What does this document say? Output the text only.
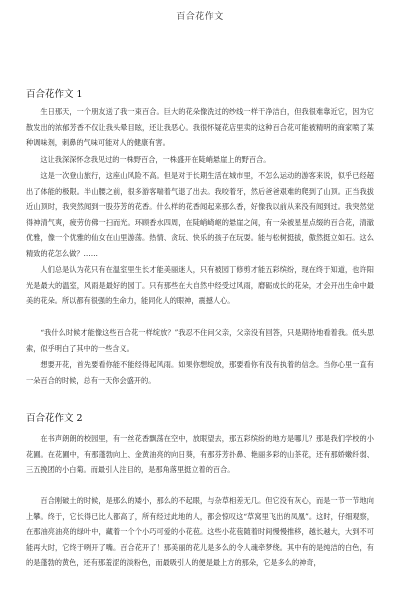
百合花作文
百合花作文 1

生日那天，一个朋友送了我一束百合。巨大的花朵像洗过的纱线一样干净洁白，但我很难靠近它，因为它散发出的浓郁芳香不仅让我头晕目眩，还让我恶心。我很怀疑花店里卖的这种百合花可能被精明的商家喷了某种调味剂，刺鼻的气味可能对人的健康有害。

这让我深深怀念我见过的一株野百合，一株盛开在陡峭悬崖上的野百合。

这是一次登山旅行，这座山风险不高。但是对于长期生活在城市里，不怎么运动的游客来说，似乎已经超出了体能的极限。半山腰之前，很多游客喘着气退了出去。我咬着牙，然后爸爸艰难的爬到了山顶。正当我拔近山顶时，我突然闻到一股芬芳的花香。什么样的花香闻起来那么香，好像我以前从来没有闻到过。我突然觉得神清气爽，疲劳仿佛一扫而光。环顾香水四周，在陡峭崎岖的悬崖之间，有一朵被星星点缀的百合花，清澈优雅，像一个优雅的仙女在山里游荡。热情、贪玩、快乐的孩子在玩耍。能与松树挺拔，傲然挺立如石。这么精致的花怎么做？……

人们总是认为花只有在温室里生长才能美丽迷人，只有被园丁修剪才能五彩缤纷，现在终于知道，也许阳光是最大的温室，风雨是最好的园丁。只有那些在大自然中经受过风雨，磨砺成长的花朵，才会开出生命中最美的花朵。所以都有很强的生命力，能同化人的眼神，震撼人心。

“我什么时候才能像这些百合花一样绽放？”我忍不住问父亲，父亲没有回答，只是期待地看着我。低头思索，似乎明白了其中的一些含义。

想要开花，首先要看你能不能经得起风雨。如果你想绽放，那要看你有没有执着的信念。当你心里一直有一朵百合的时候，总有一天你会盛开的。

百合花作文 2

在书声朗朗的校园里，有一丝花香飘荡在空中，放眼望去，那五彩缤纷的地方是哪儿？那是我们学校的小花圃。在花圃中，有那蓬勃向上、金黄油亮的向日葵，有那芬芳扑鼻、艳丽多彩的山茶花，还有那娇嫩纤弱、三五挽团的小白菊。而最引人注目的，是那角落里挺立着的百合。

百合刚破土的时候，是那么的矮小，那么的不起眼，与杂草相差无几。但它没有灰心，而是一节一节地向上攀。终于，它长得已比人都高了，所有经过此地的人，都会惊叹这“草窝里飞出的凤凰”。这时，仔细观察，在那油亮油亮的绿叶中，藏着一个个小巧可爱的小花苞。这些小花苞随着时间慢慢推移，越长越大，大到不可能再大时，它终于咧开了嘴。百合花开了！那美丽的花儿是多么的令人魂牵梦绕。其中有的是纯洁的白色，有的是蓬勃的黄色，还有那羞涩的淡粉色，而最吸引人的便是最上方的那朵，它是多么的神奇，
